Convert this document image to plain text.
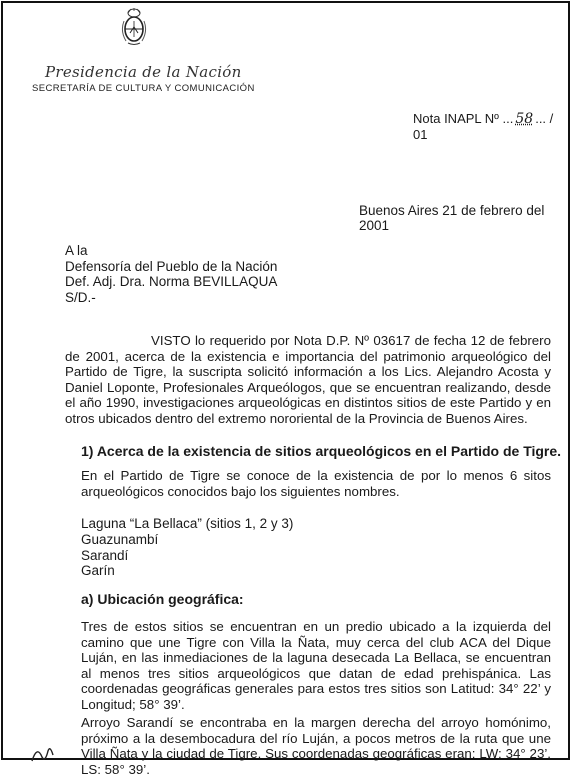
Presidencia de la Nación
SECRETARÍA DE CULTURA Y COMUNICACIÓN
Nota INAPL Nº ... 58 ... / 01
Buenos Aires 21 de febrero del 2001
A la
Defensoría del Pueblo de la Nación
Def. Adj. Dra. Norma BEVILLAQUA
S/D.-

VISTO lo requerido por Nota D.P. Nº 03617 de fecha 12 de febrero de 2001, acerca de la existencia e importancia del patrimonio arqueológico del Partido de Tigre, la suscripta solicitó información a los Lics. Alejandro Acosta y Daniel Loponte, Profesionales Arqueólogos, que se encuentran realizando, desde el año 1990, investigaciones arqueológicas en distintos sitios de este Partido y en otros ubicados dentro del extremo nororiental de la Provincia de Buenos Aires.

1) Acerca de la existencia de sitios arqueológicos en el Partido de Tigre.

En el Partido de Tigre se conoce de la existencia de por lo menos 6 sitos arqueológicos conocidos bajo los siguientes nombres.

Laguna “La Bellaca” (sitios 1, 2 y 3)
Guazunambí
Sarandí
Garín
a) Ubicación geográfica:

Tres de estos sitios se encuentran en un predio ubicado a la izquierda del camino que une Tigre con Villa la Ñata, muy cerca del club ACA del Dique Luján, en las inmediaciones de la laguna desecada La Bellaca, se encuentran al menos tres sitios arqueológicos que datan de edad prehispánica. Las coordenadas geográficas generales para estos tres sitios son Latitud: 34° 22’ y Longitud; 58° 39’.

Arroyo Sarandí se encontraba en la margen derecha del arroyo homónimo, próximo a la desembocadura del río Luján, a pocos metros de la ruta que une Villa Ñata y la ciudad de Tigre. Sus coordenadas geográficas eran; LW; 34° 23’, LS: 58° 39’.
